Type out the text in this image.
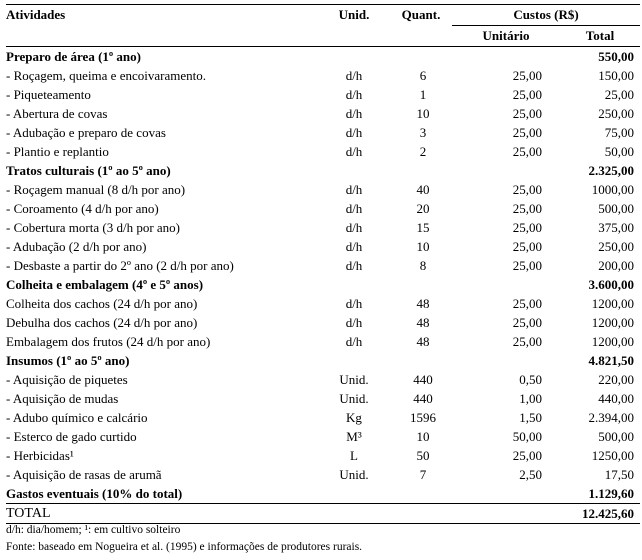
Atividades	Unid.	Quant.	Custos (R$)	
			Unitário	Total
Preparo de área (1º ano)				550,00
- Roçagem, queima e encoivaramento.	d/h	6	25,00	150,00
- Piqueteamento	d/h	1	25,00	25,00
- Abertura de covas	d/h	10	25,00	250,00
- Adubação e preparo de covas	d/h	3	25,00	75,00
- Plantio e replantio	d/h	2	25,00	50,00
Tratos culturais (1º ao 5º ano)				2.325,00
- Roçagem manual (8 d/h por ano)	d/h	40	25,00	1000,00
- Coroamento (4 d/h por ano)	d/h	20	25,00	500,00
- Cobertura morta (3 d/h por ano)	d/h	15	25,00	375,00
- Adubação (2 d/h por ano)	d/h	10	25,00	250,00
- Desbaste a partir do 2º ano (2 d/h por ano)	d/h	8	25,00	200,00
Colheita e embalagem (4º e 5º anos)				3.600,00
Colheita dos cachos (24 d/h por ano)	d/h	48	25,00	1200,00
Debulha dos cachos (24 d/h por ano)	d/h	48	25,00	1200,00
Embalagem dos frutos (24 d/h por ano)	d/h	48	25,00	1200,00
Insumos (1º ao 5º ano)				4.821,50
- Aquisição de piquetes	Unid.	440	0,50	220,00
- Aquisição de mudas	Unid.	440	1,00	440,00
- Adubo químico e calcário	Kg	1596	1,50	2.394,00
- Esterco de gado curtido	M³	10	50,00	500,00
- Herbicidas¹	L	50	25,00	1250,00
- Aquisição de rasas de arumã	Unid.	7	2,50	17,50
Gastos eventuais (10% do total)				1.129,60
TOTAL				12.425,60
d/h: dia/homem; ¹: em cultivo solteiro
Fonte: baseado em Nogueira et al. (1995) e informações de produtores rurais.
